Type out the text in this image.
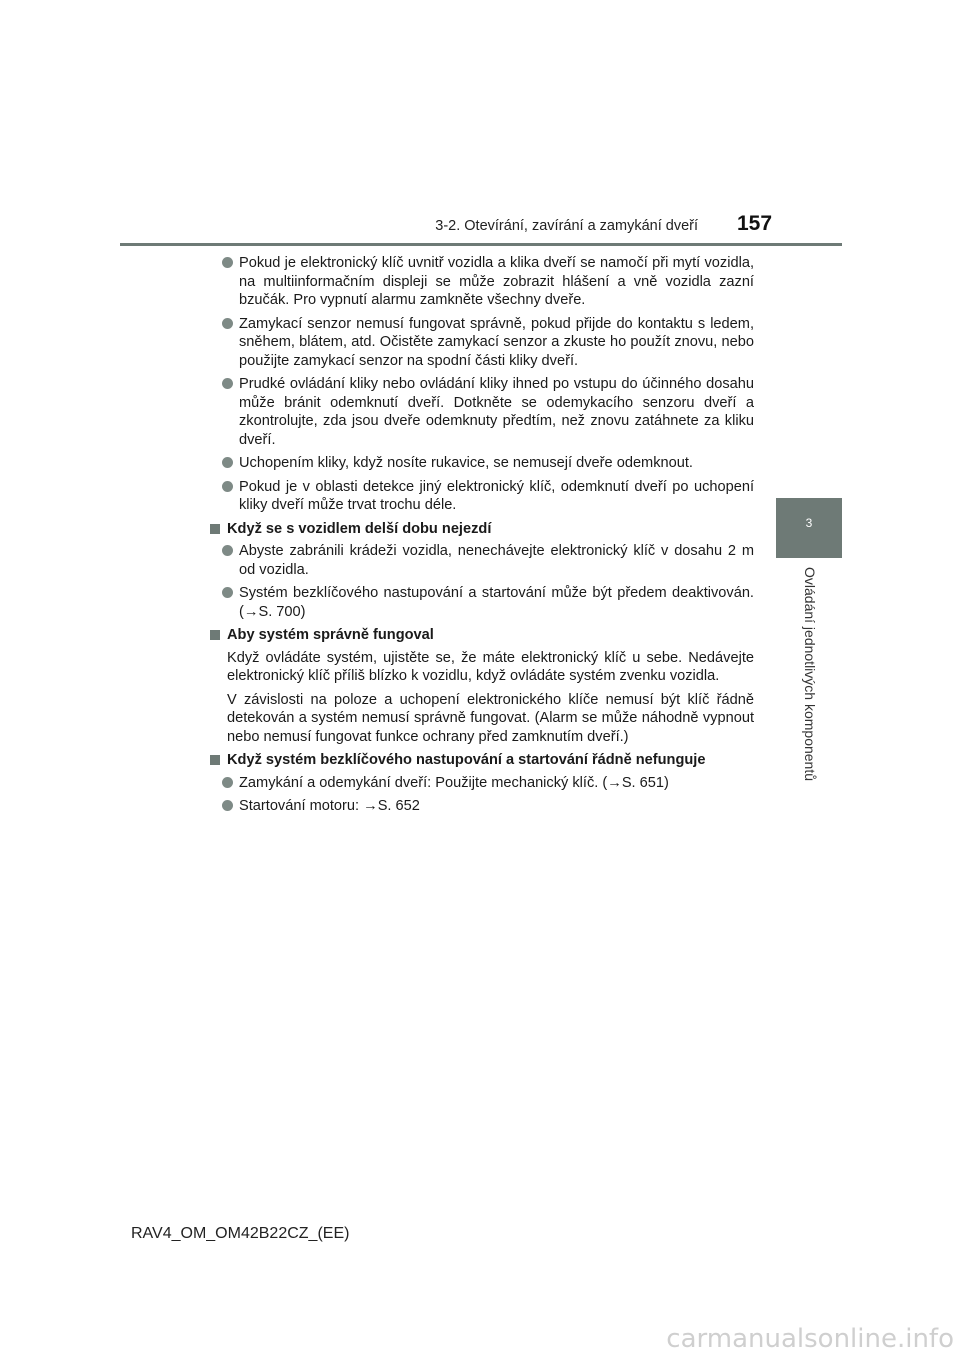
3-2. Otevírání, zavírání a zamykání dveří 157
3
Ovládání jednotlivých komponentů
Pokud je elektronický klíč uvnitř vozidla a klika dveří se namočí při mytí vozidla, na multiinformačním displeji se může zobrazit hlášení a vně vozidla zazní bzučák. Pro vypnutí alarmu zamkněte všechny dveře.
Zamykací senzor nemusí fungovat správně, pokud přijde do kontaktu s ledem, sněhem, blátem, atd. Očistěte zamykací senzor a zkuste ho použít znovu, nebo použijte zamykací senzor na spodní části kliky dveří.
Prudké ovládání kliky nebo ovládání kliky ihned po vstupu do účinného dosahu může bránit odemknutí dveří. Dotkněte se odemykacího senzoru dveří a zkontrolujte, zda jsou dveře odemknuty předtím, než znovu zatáhnete za kliku dveří.
Uchopením kliky, když nosíte rukavice, se nemusejí dveře odemknout.
Pokud je v oblasti detekce jiný elektronický klíč, odemknutí dveří po uchopení kliky dveří může trvat trochu déle.
Když se s vozidlem delší dobu nejezdí
Abyste zabránili krádeži vozidla, nenechávejte elektronický klíč v dosahu 2 m od vozidla.
Systém bezklíčového nastupování a startování může být předem deaktivován. (→S. 700)
Aby systém správně fungoval
Když ovládáte systém, ujistěte se, že máte elektronický klíč u sebe. Nedávejte elektronický klíč příliš blízko k vozidlu, když ovládáte systém zvenku vozidla.
V závislosti na poloze a uchopení elektronického klíče nemusí být klíč řádně detekován a systém nemusí správně fungovat. (Alarm se může náhodně vypnout nebo nemusí fungovat funkce ochrany před zamknutím dveří.)
Když systém bezklíčového nastupování a startování řádně nefunguje
Zamykání a odemykání dveří: Použijte mechanický klíč. (→S. 651)
Startování motoru: →S. 652
RAV4_OM_OM42B22CZ_(EE)
carmanualsonline.info
